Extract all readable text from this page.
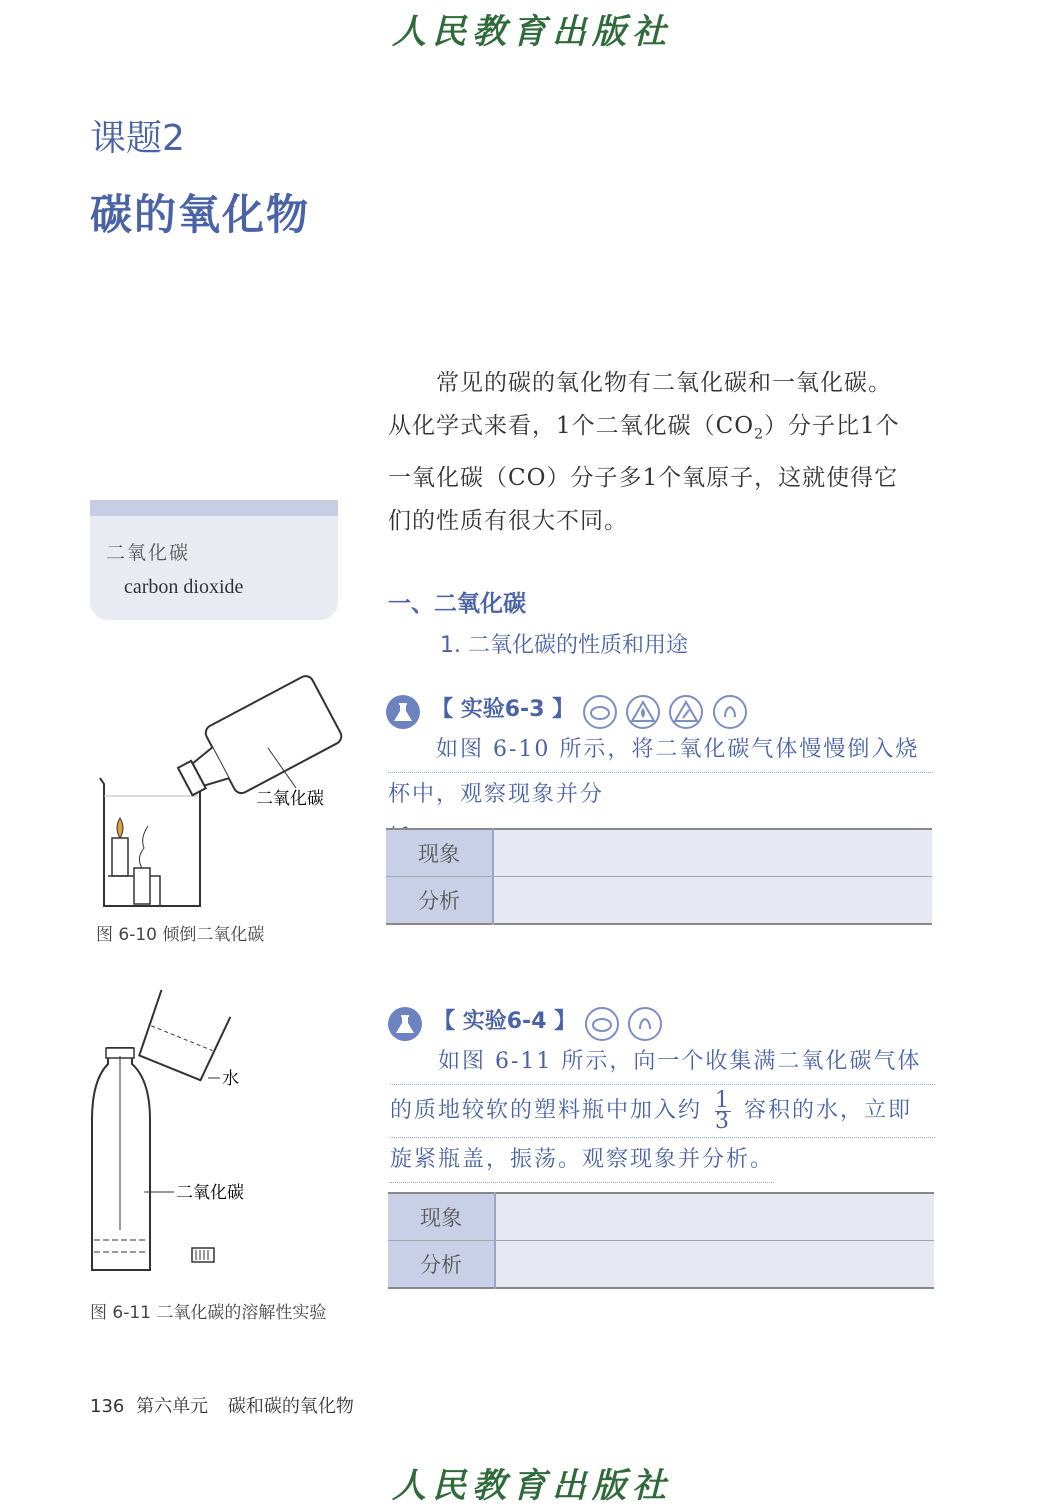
人民教育出版社
课题2
碳的氧化物

常见的碳的氧化物有二氧化碳和一氧化碳。

从化学式来看，1个二氧化碳$(CO_2)$分子比1个
一氧化碳（CO）分子多1个氧原子，这就使得它
们的性质有很大不同。
二氧化碳
carbon dioxide
一、二氧化碳
1. 二氧化碳的性质和用途
【 实验6-3 】
如图 6-10 所示，将二氧化碳气体慢慢倒入烧
杯中，观察现象并分
现象	
分析	
【 实验6-4 】
如图 6-11 所示，向一个收集满二氧化碳气体
的质地较软的塑料瓶中加入约 $\frac{1}{3}$ 容积的水，立即
旋紧瓶盖，振荡。观察现象并分析。
现象	
分析	
二氧化碳
图 6-10 倾倒二氧化碳
水
二氧化碳
图 6-11 二氧化碳的溶解性实验
136 第六单元 碳和碳的氧化物
人民教育出版社
